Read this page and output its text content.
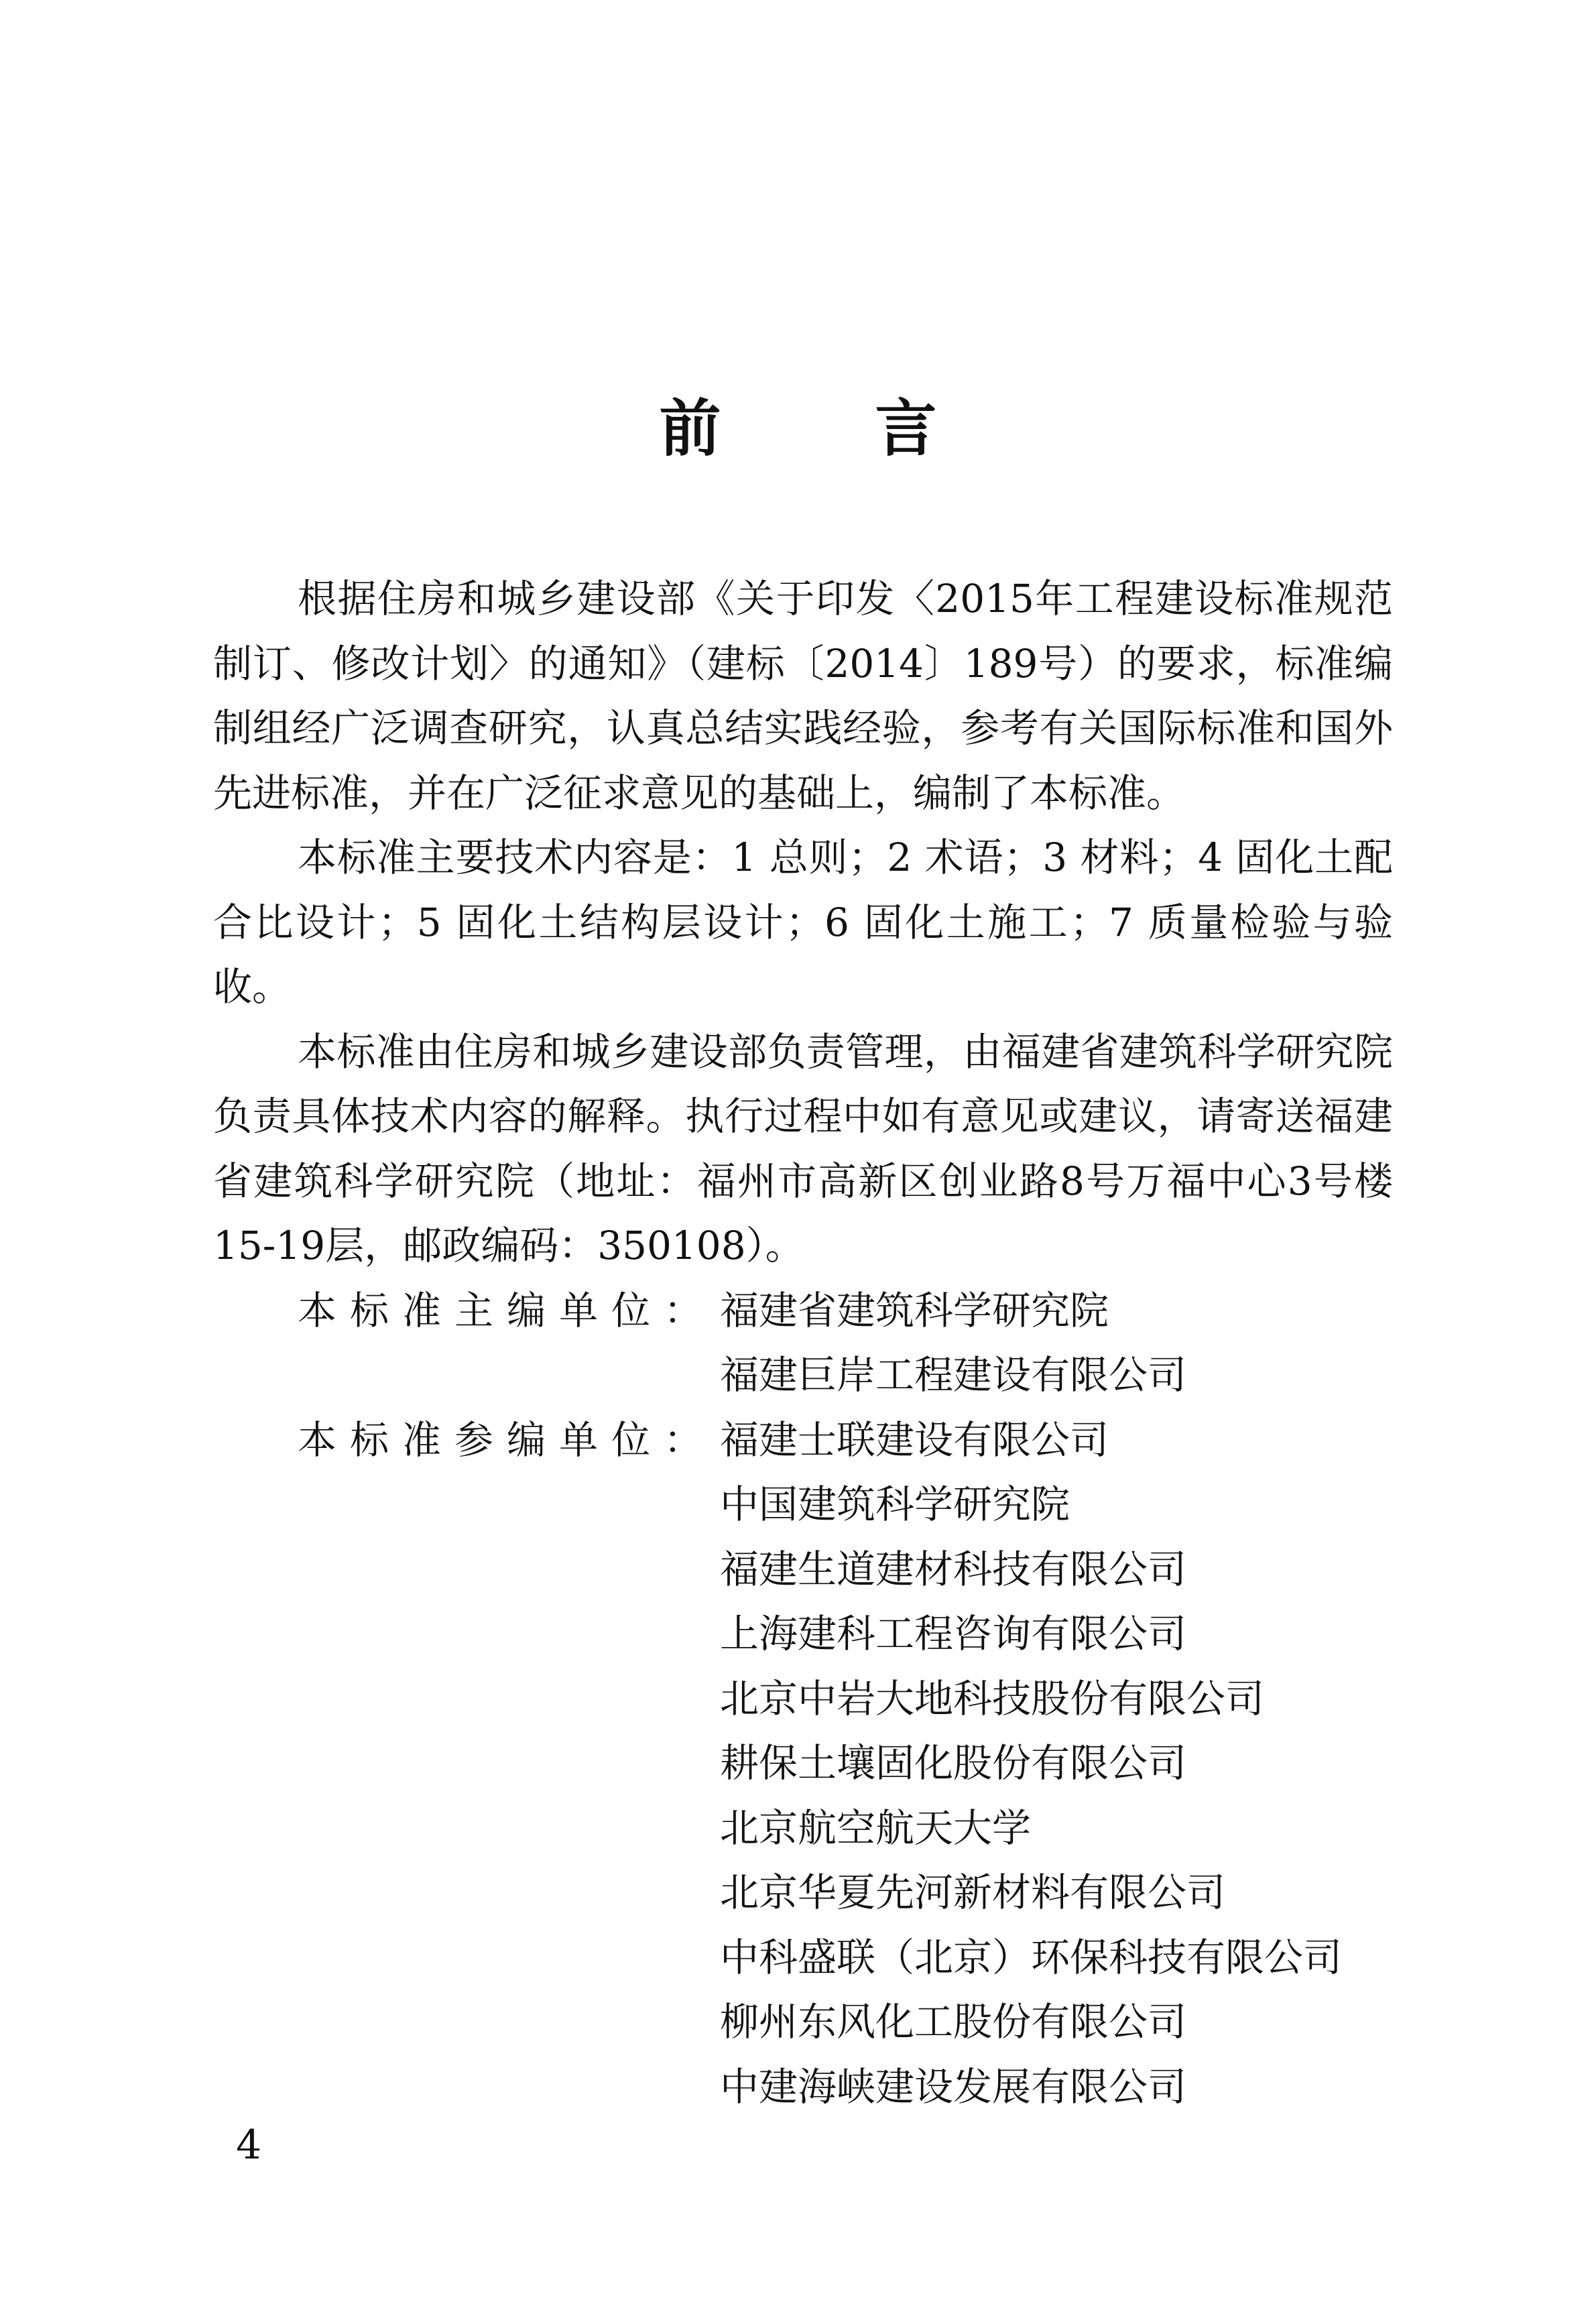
前言

根据住房和城乡建设部《关于印发〈2015年工程建设标准规范制订、修改计划〉的通知》（建标〔2014〕189号）的要求，标准编制组经广泛调查研究，认真总结实践经验，参考有关国际标准和国外先进标准，并在广泛征求意见的基础上，编制了本标准。

本标准主要技术内容是：1 总则；2 术语；3 材料；4 固化土配合比设计；5 固化土结构层设计；6 固化土施工；7 质量检验与验收。

本标准由住房和城乡建设部负责管理，由福建省建筑科学研究院负责具体技术内容的解释。执行过程中如有意见或建议，请寄送福建省建筑科学研究院（地址：福州市高新区创业路8号万福中心3号楼15-19层，邮政编码：350108）。

本标准主编单位： 福建省建筑科学研究院
福建巨岸工程建设有限公司
本标准参编单位： 福建士联建设有限公司
中国建筑科学研究院
福建生道建材科技有限公司
上海建科工程咨询有限公司
北京中岩大地科技股份有限公司
耕保土壤固化股份有限公司
北京航空航天大学
北京华夏先河新材料有限公司
中科盛联（北京）环保科技有限公司
柳州东风化工股份有限公司
中建海峡建设发展有限公司
4
